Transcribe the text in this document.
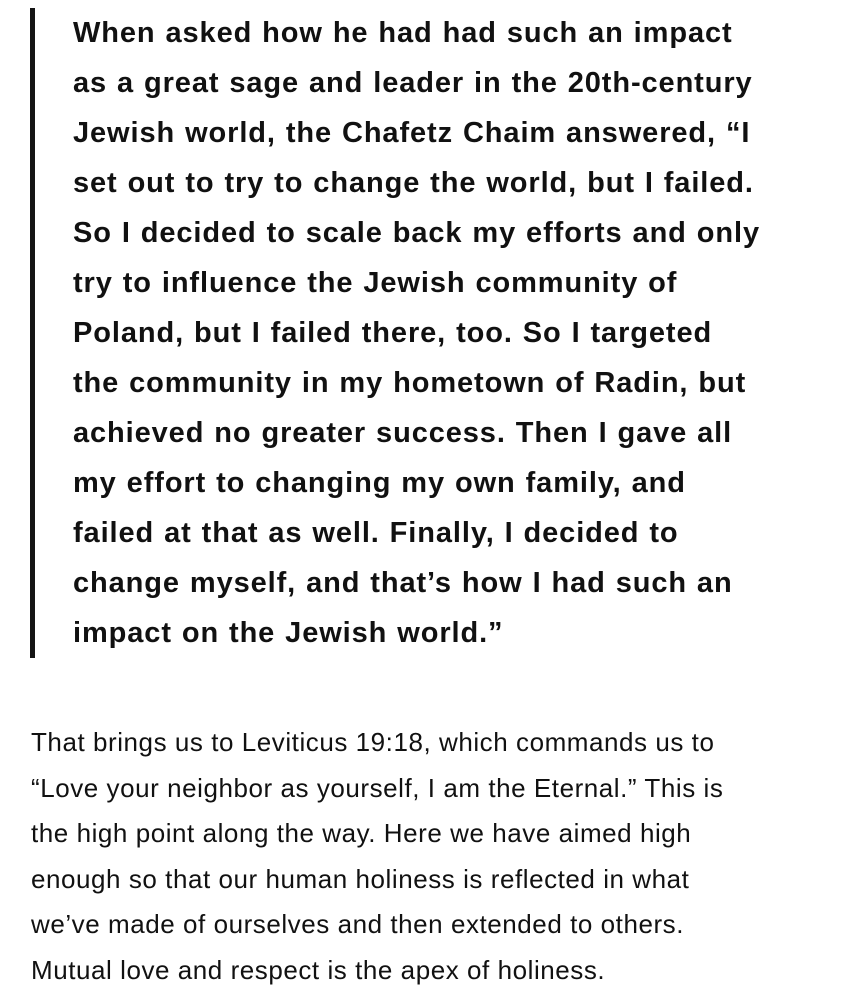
When asked how he had had such an impact
as a great sage and leader in the 20th-century
Jewish world, the Chafetz Chaim answered, “I
set out to try to change the world, but I failed.
So I decided to scale back my efforts and only
try to influence the Jewish community of
Poland, but I failed there, too. So I targeted
the community in my hometown of Radin, but
achieved no greater success. Then I gave all
my effort to changing my own family, and
failed at that as well. Finally, I decided to
change myself, and that’s how I had such an
impact on the Jewish world.”

That brings us to Leviticus 19:18, which commands us to
“Love your neighbor as yourself, I am the Eternal.” This is
the high point along the way. Here we have aimed high
enough so that our human holiness is reflected in what
we’ve made of ourselves and then extended to others.
Mutual love and respect is the apex of holiness.
